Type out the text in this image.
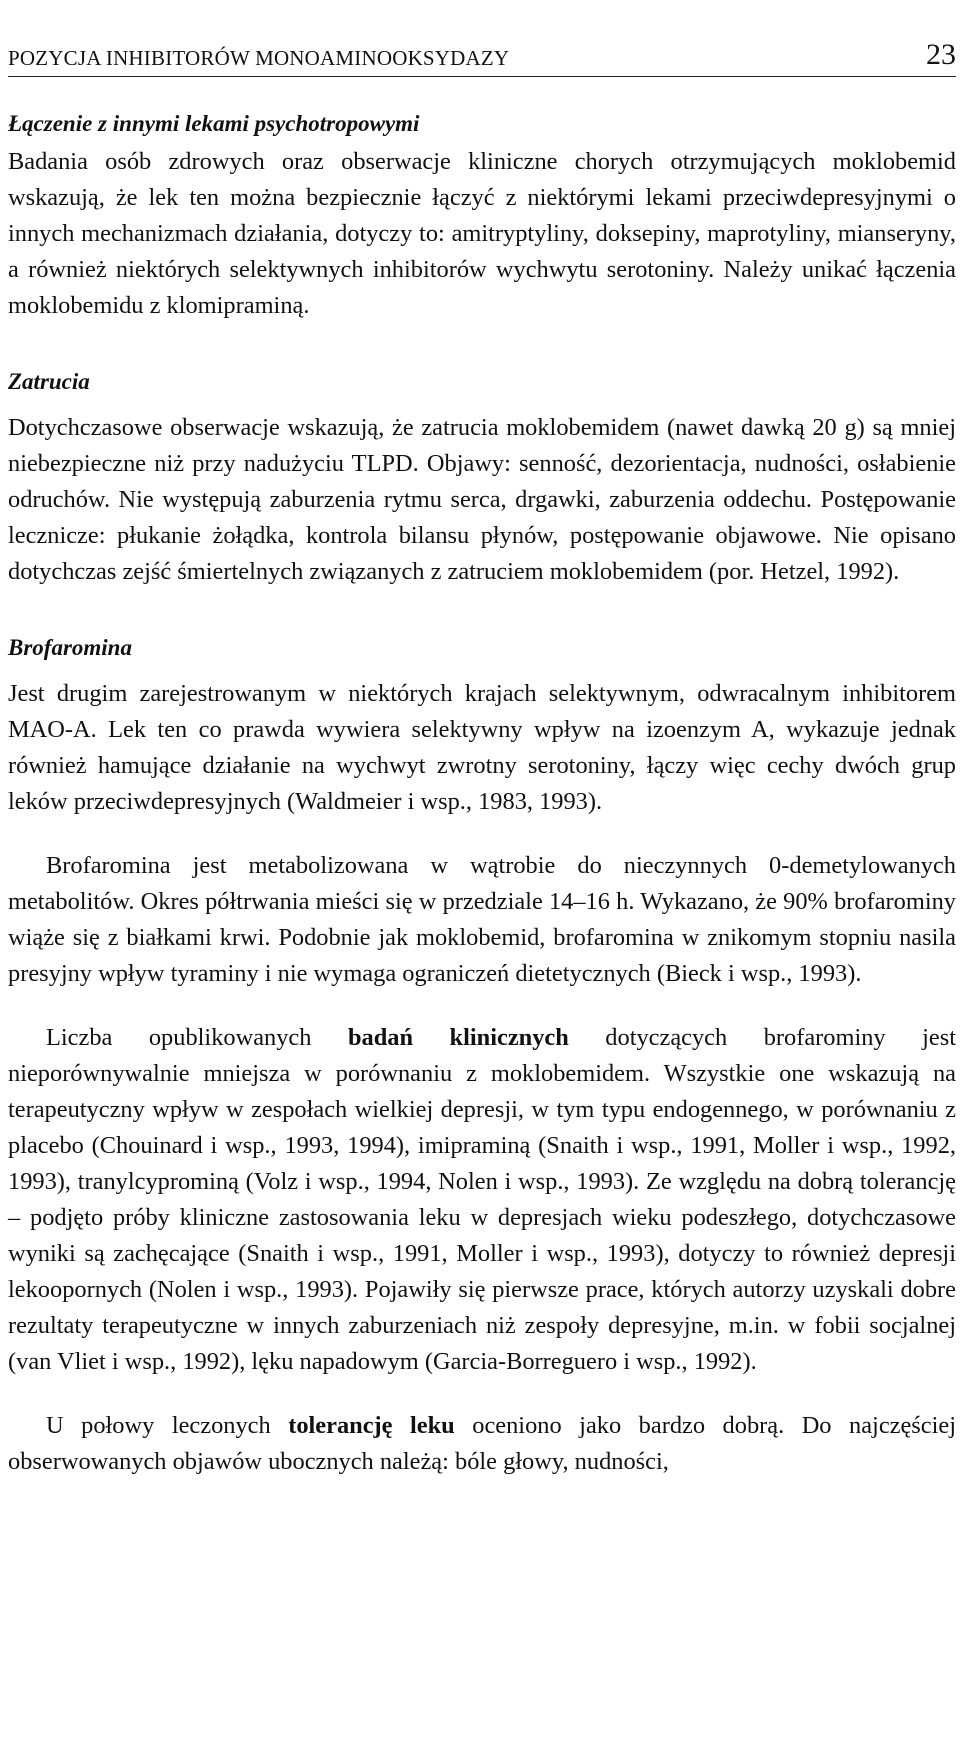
POZYCJA INHIBITORÓW MONOAMINOOKSYDAZY	23
Łączenie z innymi lekami psychotropowymi

Badania osób zdrowych oraz obserwacje kliniczne chorych otrzymujących moklobemid wskazują, że lek ten można bezpiecznie łączyć z niektórymi lekami przeciwdepresyjnymi o innych mechanizmach działania, dotyczy to: amitryptyliny, doksepiny, maprotyliny, mianseryny, a również niektórych selektywnych inhibitorów wychwytu serotoniny. Należy unikać łączenia moklobemidu z klomipraminą.

Zatrucia

Dotychczasowe obserwacje wskazują, że zatrucia moklobemidem (nawet dawką 20 g) są mniej niebezpieczne niż przy nadużyciu TLPD. Objawy: senność, dezorientacja, nudności, osłabienie odruchów. Nie występują zaburzenia rytmu serca, drgawki, zaburzenia oddechu. Postępowanie lecznicze: płukanie żołądka, kontrola bilansu płynów, postępowanie objawowe. Nie opisano dotychczas zejść śmiertelnych związanych z zatruciem moklobemidem (por. Hetzel, 1992).

Brofaromina

Jest drugim zarejestrowanym w niektórych krajach selektywnym, odwracalnym inhibitorem MAO-A. Lek ten co prawda wywiera selektywny wpływ na izoenzym A, wykazuje jednak również hamujące działanie na wychwyt zwrotny serotoniny, łączy więc cechy dwóch grup leków przeciwdepresyjnych (Waldmeier i wsp., 1983, 1993).

Brofaromina jest metabolizowana w wątrobie do nieczynnych 0-demetylowanych metabolitów. Okres półtrwania mieści się w przedziale 14–16 h. Wykazano, że 90% brofarominy wiąże się z białkami krwi. Podobnie jak moklobemid, brofaromina w znikomym stopniu nasila presyjny wpływ tyraminy i nie wymaga ograniczeń dietetycznych (Bieck i wsp., 1993).

Liczba opublikowanych badań klinicznych dotyczących brofarominy jest nieporównywalnie mniejsza w porównaniu z moklobemidem. Wszystkie one wskazują na terapeutyczny wpływ w zespołach wielkiej depresji, w tym typu endogennego, w porównaniu z placebo (Chouinard i wsp., 1993, 1994), imipraminą (Snaith i wsp., 1991, Moller i wsp., 1992, 1993), tranylcyprominą (Volz i wsp., 1994, Nolen i wsp., 1993). Ze względu na dobrą tolerancję – podjęto próby kliniczne zastosowania leku w depresjach wieku podeszłego, dotychczasowe wyniki są zachęcające (Snaith i wsp., 1991, Moller i wsp., 1993), dotyczy to również depresji lekoopornych (Nolen i wsp., 1993). Pojawiły się pierwsze prace, których autorzy uzyskali dobre rezultaty terapeutyczne w innych zaburzeniach niż zespoły depresyjne, m.in. w fobii socjalnej (van Vliet i wsp., 1992), lęku napadowym (Garcia-Borreguero i wsp., 1992).

U połowy leczonych tolerancję leku oceniono jako bardzo dobrą. Do najczęściej obserwowanych objawów ubocznych należą: bóle głowy, nudności,
